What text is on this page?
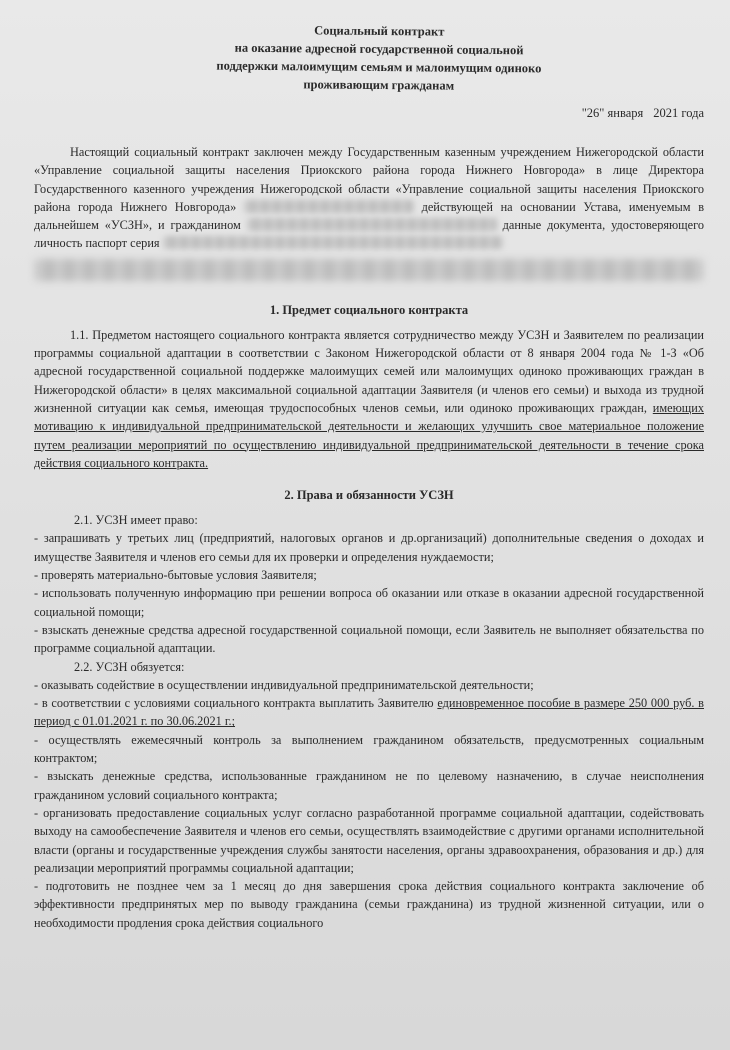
Социальный контракт
на оказание адресной государственной социальной
поддержки малоимущим семьям и малоимущим одиноко
проживающим гражданам
"26" января 2021 года

Настоящий социальный контракт заключен между Государственным казенным учреждением Нижегородской области «Управление социальной защиты населения Приокского района города Нижнего Новгорода» в лице Директора Государственного казенного учреждения Нижегородской области «Управление социальной защиты населения Приокского района города Нижнего Новгорода»	действующей на основании Устава, именуемым в дальнейшем «УСЗН», и гражданином	данные документа, удостоверяющего личность паспорт серия

1. Предмет социального контракта

1.1. Предметом настоящего социального контракта является сотрудничество между УСЗН и Заявителем по реализации программы социальной адаптации в соответствии с Законом Нижегородской области от 8 января 2004 года № 1-З «Об адресной государственной социальной поддержке малоимущих семей или малоимущих одиноко проживающих граждан в Нижегородской области» в целях максимальной социальной адаптации Заявителя (и членов его семьи) и выхода из трудной жизненной ситуации как семья, имеющая трудоспособных членов семьи, или одиноко проживающих граждан, имеющих мотивацию к индивидуальной предпринимательской деятельности и желающих улучшить свое материальное положение путем реализации мероприятий по осуществлению индивидуальной предпринимательской деятельности в течение срока действия социального контракта.

2. Права и обязанности УСЗН
2.1. УСЗН имеет право:

- запрашивать у третьих лиц (предприятий, налоговых органов и др.организаций) дополнительные сведения о доходах и имуществе Заявителя и членов его семьи для их проверки и определения нуждаемости;

- проверять материально-бытовые условия Заявителя;

- использовать полученную информацию при решении вопроса об оказании или отказе в оказании адресной государственной социальной помощи;

- взыскать денежные средства адресной государственной социальной помощи, если Заявитель не выполняет обязательства по программе социальной адаптации.

2.2. УСЗН обязуется:

- оказывать содействие в осуществлении индивидуальной предпринимательской деятельности;

- в соответствии с условиями социального контракта выплатить Заявителю единовременное пособие в размере 250 000 руб. в период с 01.01.2021 г. по 30.06.2021 г.;

- осуществлять ежемесячный контроль за выполнением гражданином обязательств, предусмотренных социальным контрактом;

- взыскать денежные средства, использованные гражданином не по целевому назначению, в случае неисполнения гражданином условий социального контракта;

- организовать предоставление социальных услуг согласно разработанной программе социальной адаптации, содействовать выходу на самообеспечение Заявителя и членов его семьи, осуществлять взаимодействие с другими органами исполнительной власти (органы и государственные учреждения службы занятости населения, органы здравоохранения, образования и др.) для реализации мероприятий программы социальной адаптации;

- подготовить не позднее чем за 1 месяц до дня завершения срока действия социального контракта заключение об эффективности предпринятых мер по выводу гражданина (семьи гражданина) из трудной жизненной ситуации, или о необходимости продления срока действия социального
